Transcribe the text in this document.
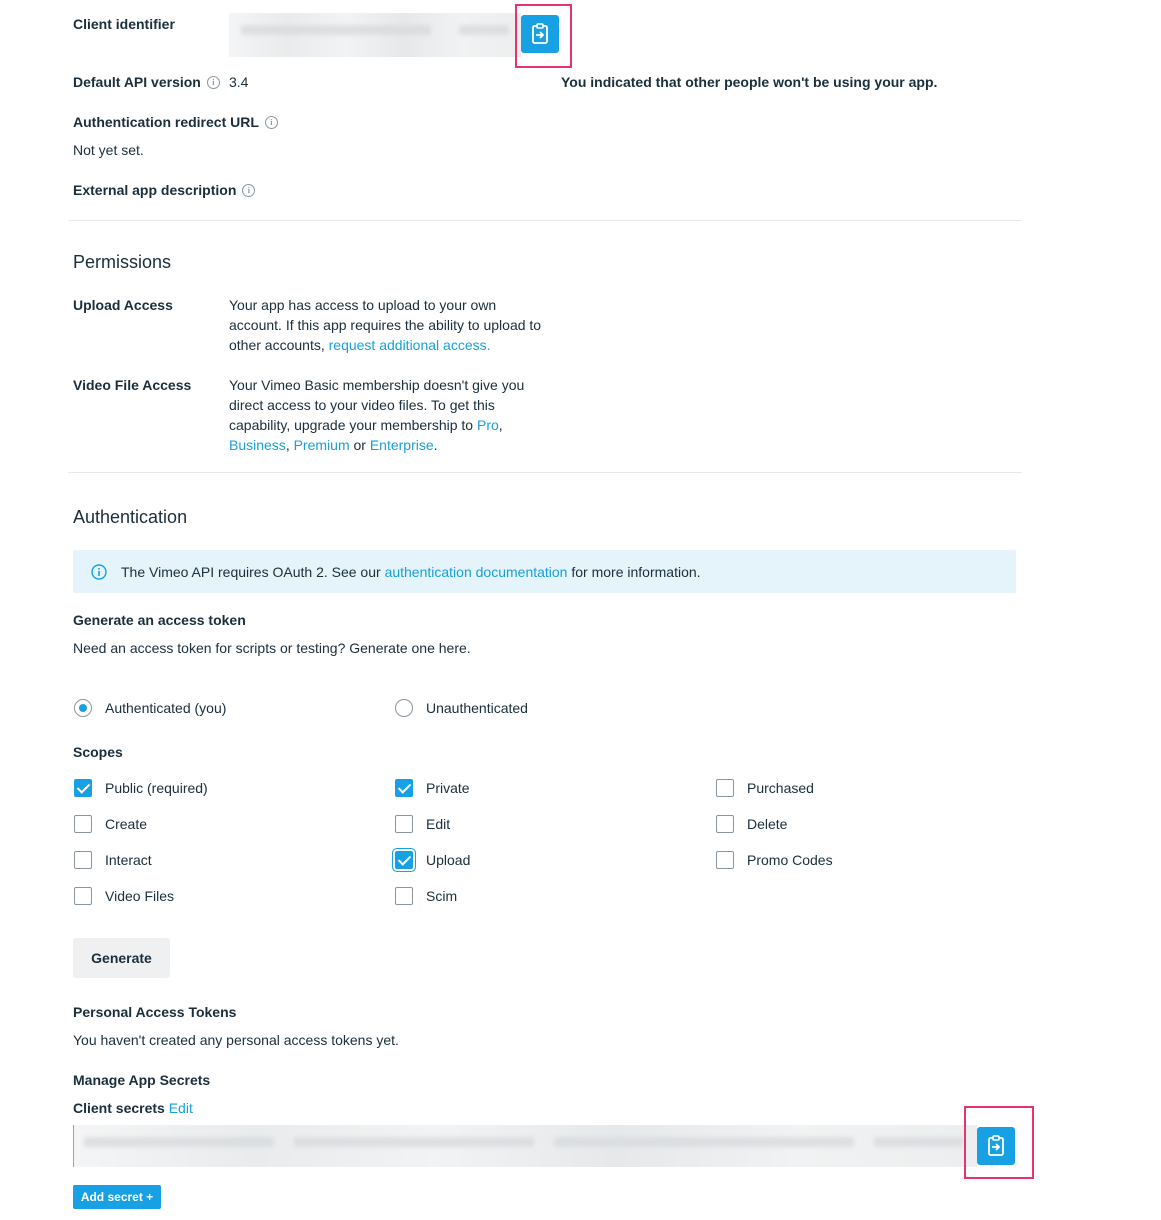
Client identifier
Default API version i	3.4	You indicated that other people won't be using your app.
Authentication redirect URL i
Not yet set.
External app description i
Permissions
Upload Access	Your app has access to upload to your own
account. If this app requires the ability to upload to
other accounts, request additional access.
Video File Access	Your Vimeo Basic membership doesn't give you
direct access to your video files. To get this
capability, upgrade your membership to Pro,
Business, Premium or Enterprise.
Authentication
The Vimeo API requires OAuth 2. See our authentication documentation for more information.
Generate an access token
Need an access token for scripts or testing? Generate one here.
Authenticated (you)	Unauthenticated
Scopes
Public (required)	Private	Purchased
Create	Edit	Delete
Interact	Upload	Promo Codes
Video Files	Scim
Generate
Personal Access Tokens
You haven't created any personal access tokens yet.
Manage App Secrets
Client secrets Edit
Add secret +
